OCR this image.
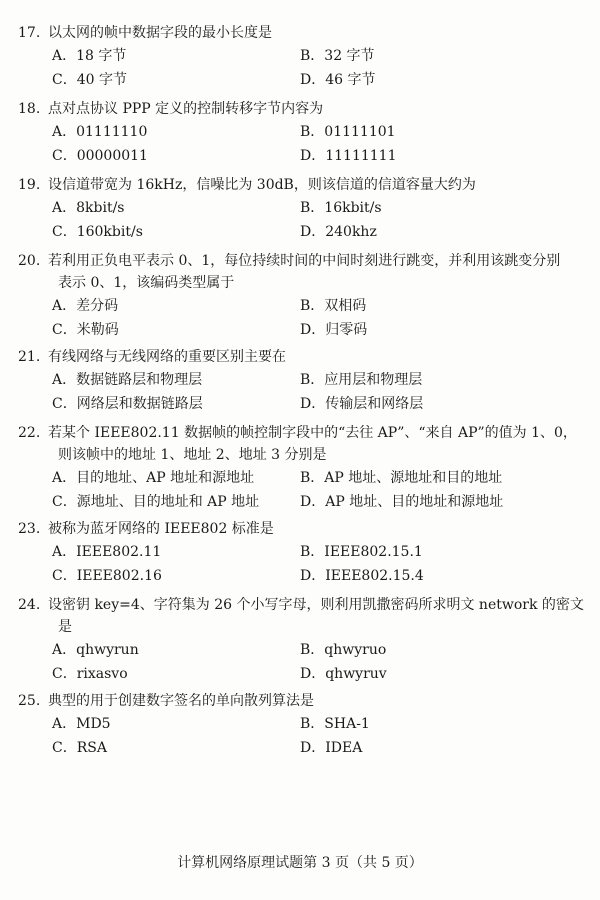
17. 以太网的帧中数据字段的最小长度是
A．18 字节	B．32 字节
C．40 字节	D．46 字节
18. 点对点协议 PPP 定义的控制转移字节内容为
A．01111110	B．01111101
C．00000011	D．11111111
19. 设信道带宽为 16kHz，信噪比为 30dB，则该信道的信道容量大约为
A．8kbit/s	B．16kbit/s
C．160kbit/s	D．240khz
20. 若利用正负电平表示 0、1，每位持续时间的中间时刻进行跳变，并利用该跳变分别
表示 0、1，该编码类型属于
A．差分码	B．双相码
C．米勒码	D．归零码
21. 有线网络与无线网络的重要区别主要在
A．数据链路层和物理层	B．应用层和物理层
C．网络层和数据链路层	D．传输层和网络层
22. 若某个 IEEE802.11 数据帧的帧控制字段中的“去往 AP”、“来自 AP”的值为 1、0，
则该帧中的地址 1、地址 2、地址 3 分别是
A．目的地址、AP 地址和源地址	B．AP 地址、源地址和目的地址
C．源地址、目的地址和 AP 地址	D．AP 地址、目的地址和源地址
23. 被称为蓝牙网络的 IEEE802 标准是
A．IEEE802.11	B．IEEE802.15.1
C．IEEE802.16	D．IEEE802.15.4
24. 设密钥 key=4、字符集为 26 个小写字母，则利用凯撒密码所求明文 network 的密文
是
A．qhwyrun	B．qhwyruo
C．rixasvo	D．qhwyruv
25. 典型的用于创建数字签名的单向散列算法是
A．MD5	B．SHA-1
C．RSA	D．IDEA
计算机网络原理试题第 3 页（共 5 页）
